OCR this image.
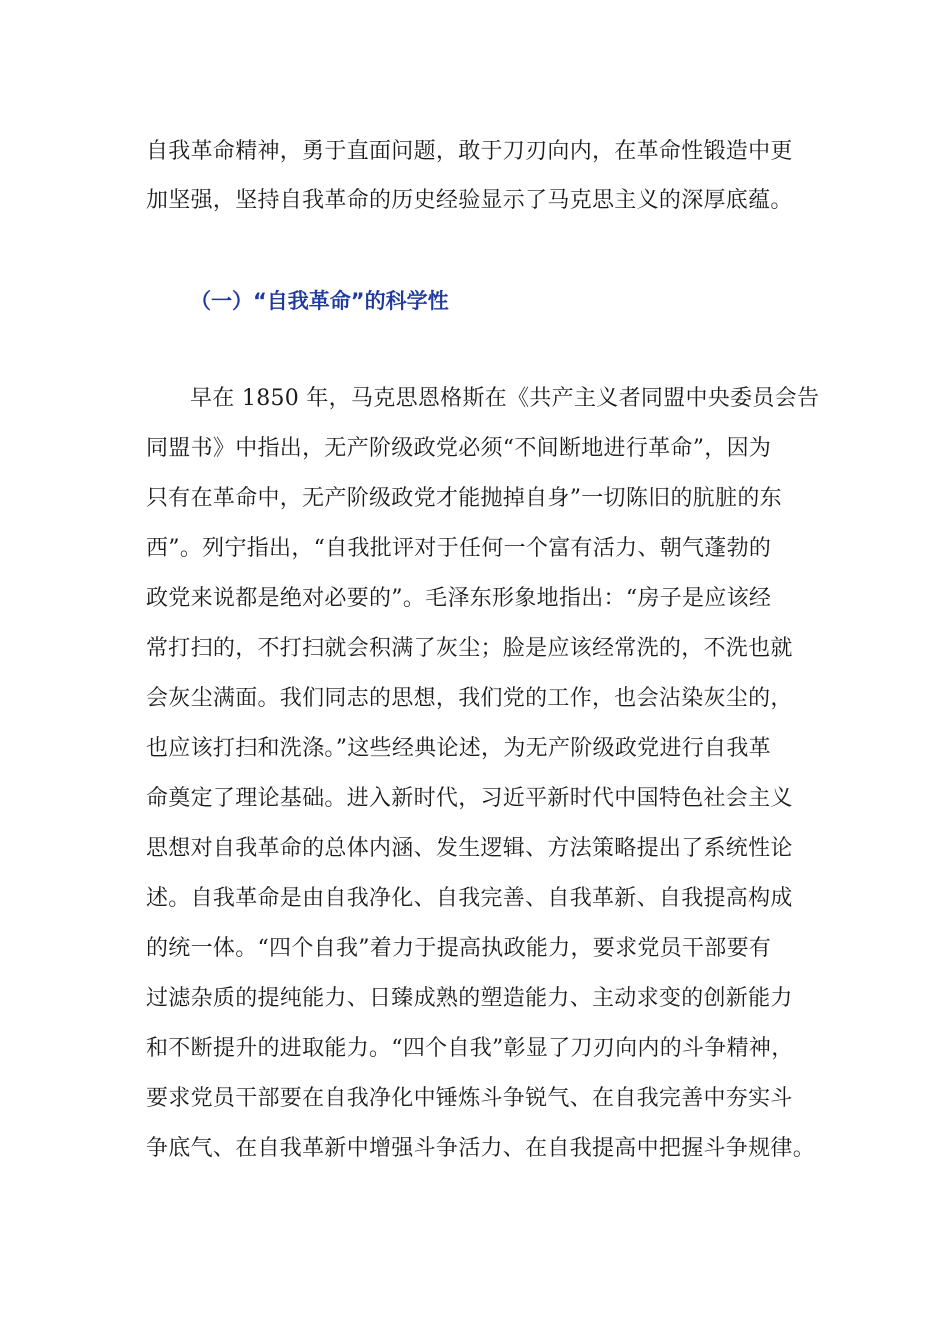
自我革命精神，勇于直面问题，敢于刀刃向内，在革命性锻造中更
加坚强，坚持自我革命的历史经验显示了马克思主义的深厚底蕴。
（一）“自我革命”的科学性
早在 1850 年，马克思恩格斯在《共产主义者同盟中央委员会告
同盟书》中指出，无产阶级政党必须“不间断地进行革命”，因为
只有在革命中，无产阶级政党才能抛掉自身”一切陈旧的肮脏的东
西”。列宁指出，“自我批评对于任何一个富有活力、朝气蓬勃的
政党来说都是绝对必要的”。毛泽东形象地指出：“房子是应该经
常打扫的，不打扫就会积满了灰尘；脸是应该经常洗的，不洗也就
会灰尘满面。我们同志的思想，我们党的工作，也会沾染灰尘的，
也应该打扫和洗涤。”这些经典论述，为无产阶级政党进行自我革
命奠定了理论基础。进入新时代，习近平新时代中国特色社会主义
思想对自我革命的总体内涵、发生逻辑、方法策略提出了系统性论
述。自我革命是由自我净化、自我完善、自我革新、自我提高构成
的统一体。“四个自我”着力于提高执政能力，要求党员干部要有
过滤杂质的提纯能力、日臻成熟的塑造能力、主动求变的创新能力
和不断提升的进取能力。“四个自我”彰显了刀刃向内的斗争精神，
要求党员干部要在自我净化中锤炼斗争锐气、在自我完善中夯实斗
争底气、在自我革新中增强斗争活力、在自我提高中把握斗争规律。
